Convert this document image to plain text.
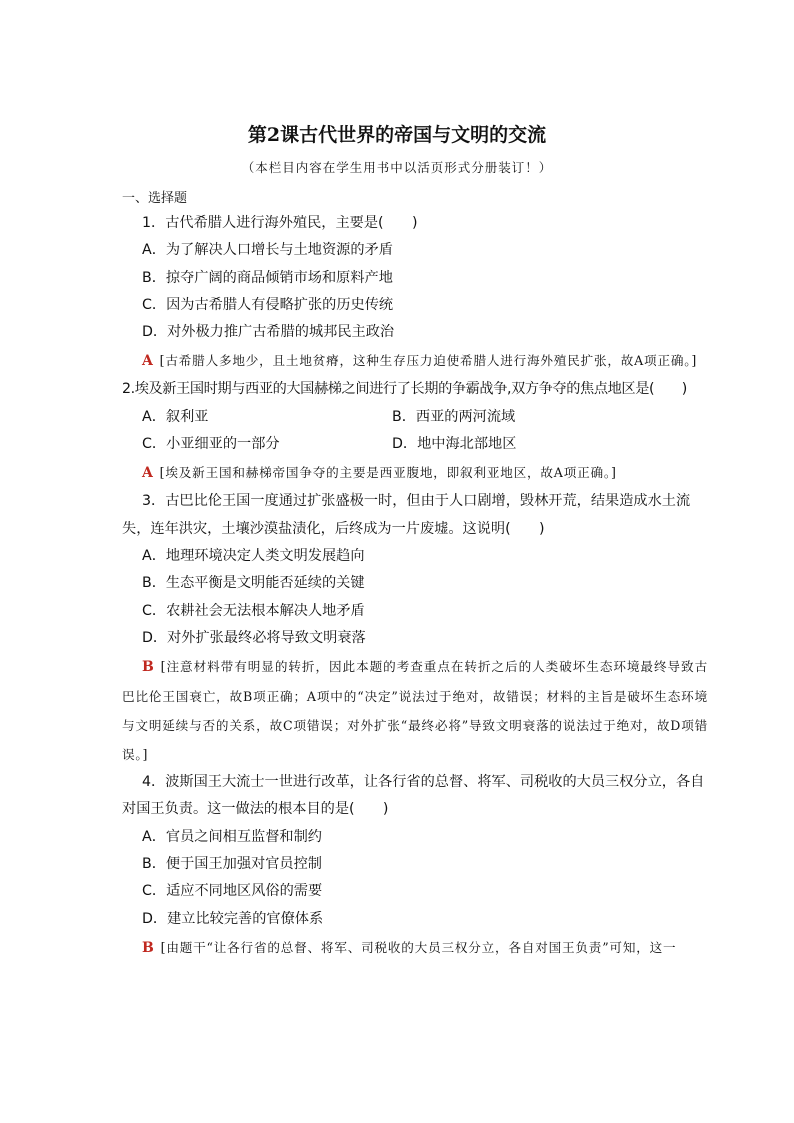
第2课古代世界的帝国与文明的交流
（本栏目内容在学生用书中以活页形式分册装订！）
一、选择题

1．古代希腊人进行海外殖民，主要是(　　)

A．为了解决人口增长与土地资源的矛盾

B．掠夺广阔的商品倾销市场和原料产地

C．因为古希腊人有侵略扩张的历史传统

D．对外极力推广古希腊的城邦民主政治

A [古希腊人多地少，且土地贫瘠，这种生存压力迫使希腊人进行海外殖民扩张，故A项正确。]

2.埃及新王国时期与西亚的大国赫梯之间进行了长期的争霸战争,双方争夺的焦点地区是(　　)

A．叙利亚	B．西亚的两河流域
C．小亚细亚的一部分	D．地中海北部地区

A [埃及新王国和赫梯帝国争夺的主要是西亚腹地，即叙利亚地区，故A项正确。]

3．古巴比伦王国一度通过扩张盛极一时，但由于人口剧增，毁林开荒，结果造成水土流失，连年洪灾，土壤沙漠盐渍化，后终成为一片废墟。这说明(　　)

A．地理环境决定人类文明发展趋向

B．生态平衡是文明能否延续的关键

C．农耕社会无法根本解决人地矛盾

D．对外扩张最终必将导致文明衰落

B [注意材料带有明显的转折，因此本题的考查重点在转折之后的人类破坏生态环境最终导致古巴比伦王国衰亡，故B项正确；A项中的“决定”说法过于绝对，故错误；材料的主旨是破坏生态环境与文明延续与否的关系，故C项错误；对外扩张“最终必将”导致文明衰落的说法过于绝对，故D项错误。]

4．波斯国王大流士一世进行改革，让各行省的总督、将军、司税收的大员三权分立，各自对国王负责。这一做法的根本目的是(　　)

A．官员之间相互监督和制约

B．便于国王加强对官员控制

C．适应不同地区风俗的需要

D．建立比较完善的官僚体系

B [由题干“让各行省的总督、将军、司税收的大员三权分立，各自对国王负责”可知，这一
